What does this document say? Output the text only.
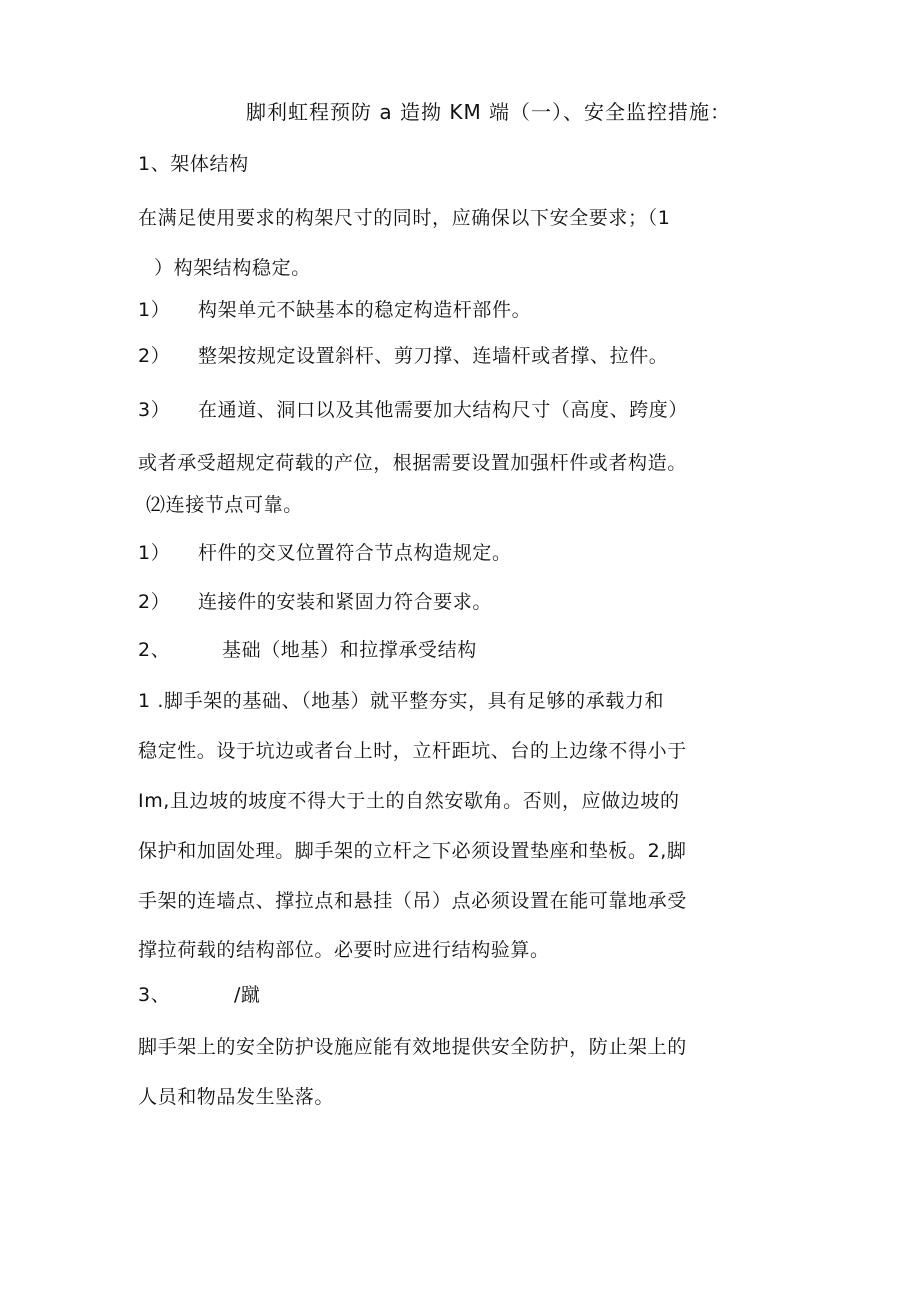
脚利虹程预防 a 造拗 KM 端（一）、安全监控措施：
1、架体结构
在满足使用要求的构架尺寸的同时，应确保以下安全要求；（1
）构架结构稳定。
1） 构架单元不缺基本的稳定构造杆部件。
2） 整架按规定设置斜杆、剪刀撑、连墙杆或者撑、拉件。
3） 在通道、洞口以及其他需要加大结构尺寸（高度、跨度）
或者承受超规定荷载的产位，根据需要设置加强杆件或者构造。
⑵连接节点可靠。
1） 杆件的交叉位置符合节点构造规定。
2） 连接件的安装和紧固力符合要求。
2、	基础（地基）和拉撑承受结构
1 .脚手架的基础、（地基）就平整夯实，具有足够的承载力和
稳定性。设于坑边或者台上时，立杆距坑、台的上边缘不得小于
Im,且边坡的坡度不得大于土的自然安歇角。否则，应做边坡的
保护和加固处理。脚手架的立杆之下必须设置垫座和垫板。2,脚
手架的连墙点、撑拉点和悬挂（吊）点必须设置在能可靠地承受
撑拉荷载的结构部位。必要时应进行结构验算。
3、	∕蹴
脚手架上的安全防护设施应能有效地提供安全防护，防止架上的
人员和物品发生坠落。
